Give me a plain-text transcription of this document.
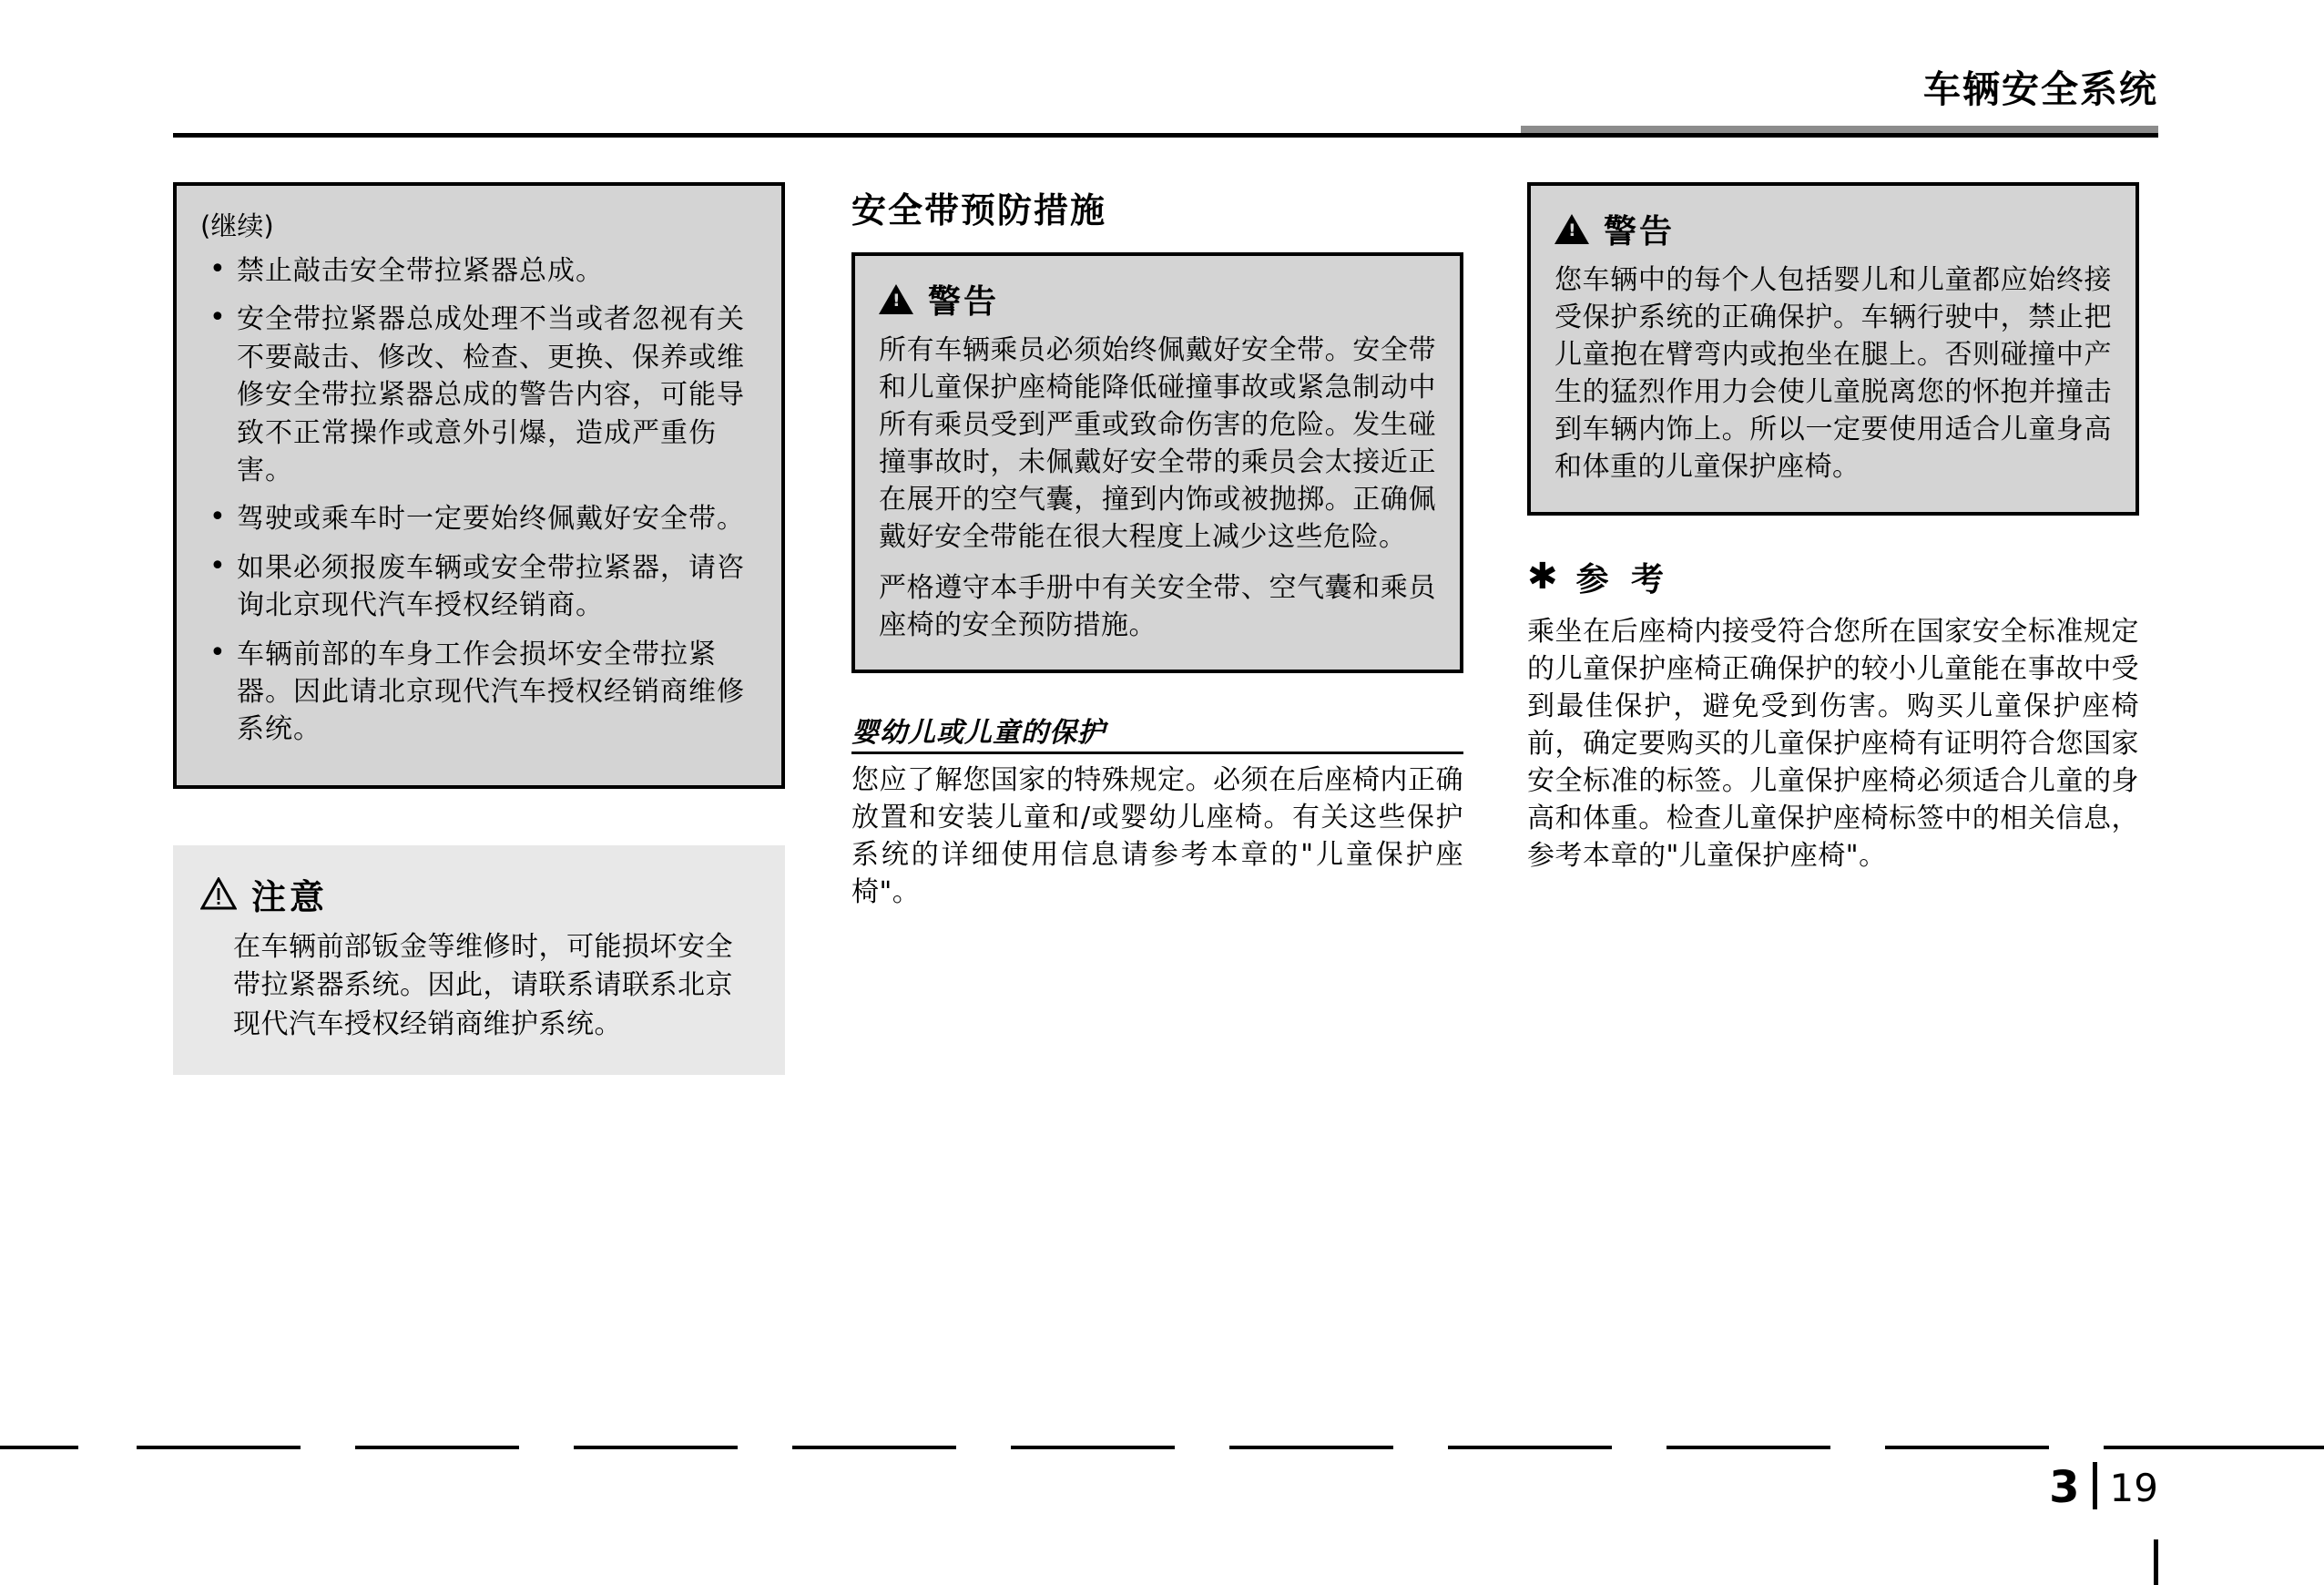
车辆安全系统
(继续)
• 禁止敲击安全带拉紧器总成。
• 安全带拉紧器总成处理不当或者忽视有关不要敲击、修改、检查、更换、保养或维修安全带拉紧器总成的警告内容，可能导致不正常操作或意外引爆，造成严重伤害。
• 驾驶或乘车时一定要始终佩戴好安全带。
• 如果必须报废车辆或安全带拉紧器，请咨询北京现代汽车授权经销商。
• 车辆前部的车身工作会损坏安全带拉紧器。因此请北京现代汽车授权经销商维修系统。
注意

在车辆前部钣金等维修时，可能损坏安全带拉紧器系统。因此，请联系请联系北京现代汽车授权经销商维护系统。

安全带预防措施
!
警告

所有车辆乘员必须始终佩戴好安全带。安全带和儿童保护座椅能降低碰撞事故或紧急制动中所有乘员受到严重或致命伤害的危险。发生碰撞事故时，未佩戴好安全带的乘员会太接近正在展开的空气囊，撞到内饰或被抛掷。正确佩戴好安全带能在很大程度上减少这些危险。

严格遵守本手册中有关安全带、空气囊和乘员座椅的安全预防措施。

婴幼儿或儿童的保护

您应了解您国家的特殊规定。必须在后座椅内正确放置和安装儿童和/或婴幼儿座椅。有关这些保护系统的详细使用信息请参考本章的"儿童保护座椅"。

!
警告

您车辆中的每个人包括婴儿和儿童都应始终接受保护系统的正确保护。车辆行驶中，禁止把儿童抱在臂弯内或抱坐在腿上。否则碰撞中产生的猛烈作用力会使儿童脱离您的怀抱并撞击到车辆内饰上。所以一定要使用适合儿童身高和体重的儿童保护座椅。

✱ 参 考

乘坐在后座椅内接受符合您所在国家安全标准规定的儿童保护座椅正确保护的较小儿童能在事故中受到最佳保护，避免受到伤害。购买儿童保护座椅前，确定要购买的儿童保护座椅有证明符合您国家安全标准的标签。儿童保护座椅必须适合儿童的身高和体重。检查儿童保护座椅标签中的相关信息，参考本章的"儿童保护座椅"。

3 19
